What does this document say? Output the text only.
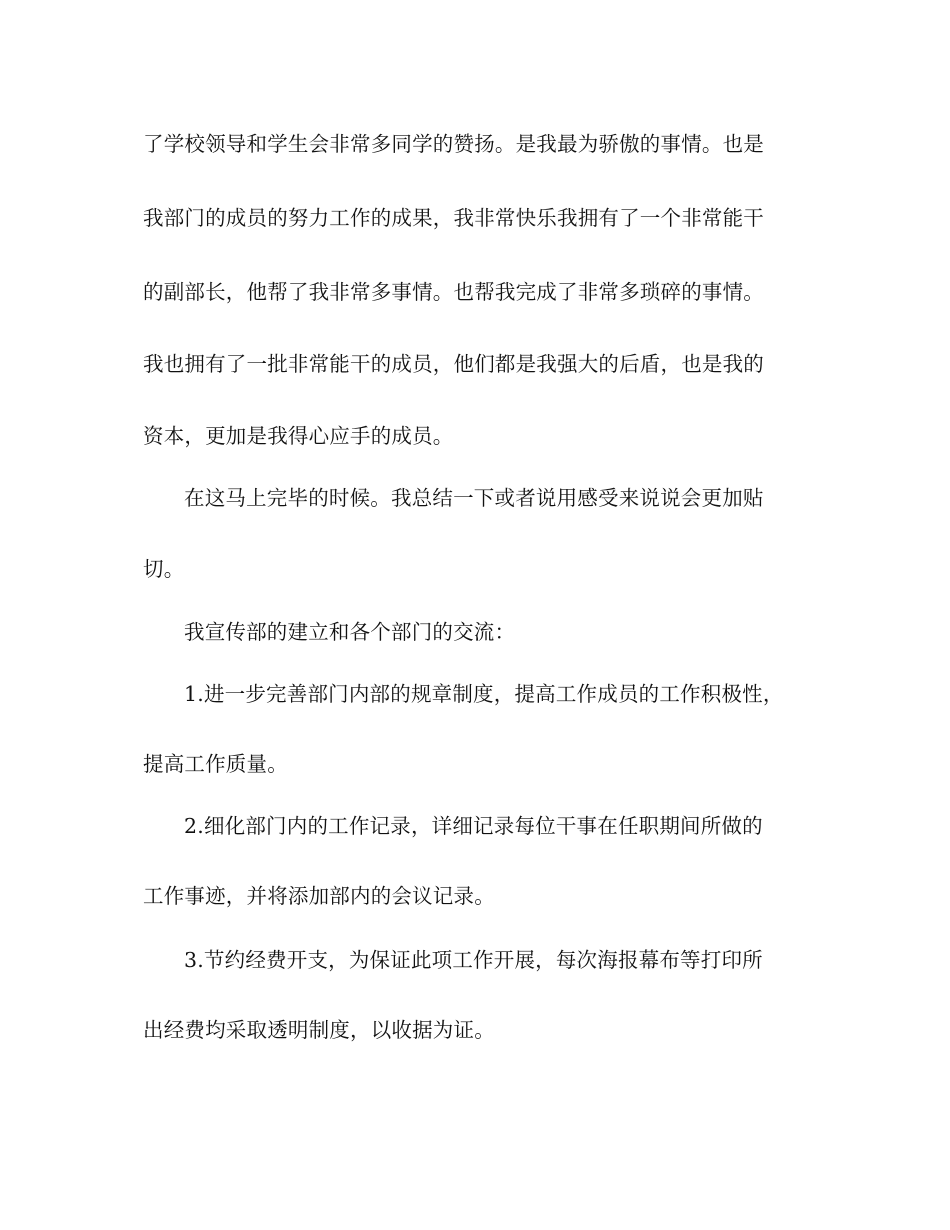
了学校领导和学生会非常多同学的赞扬。是我最为骄傲的事情。也是
我部门的成员的努力工作的成果，我非常快乐我拥有了一个非常能干
的副部长，他帮了我非常多事情。也帮我完成了非常多琐碎的事情。
我也拥有了一批非常能干的成员，他们都是我强大的后盾，也是我的
资本，更加是我得心应手的成员。
在这马上完毕的时候。我总结一下或者说用感受来说说会更加贴
切。
我宣传部的建立和各个部门的交流：
1.进一步完善部门内部的规章制度，提高工作成员的工作积极性，
提高工作质量。
2.细化部门内的工作记录，详细记录每位干事在任职期间所做的
工作事迹，并将添加部内的会议记录。
3.节约经费开支，为保证此项工作开展，每次海报幕布等打印所
出经费均采取透明制度，以收据为证。
